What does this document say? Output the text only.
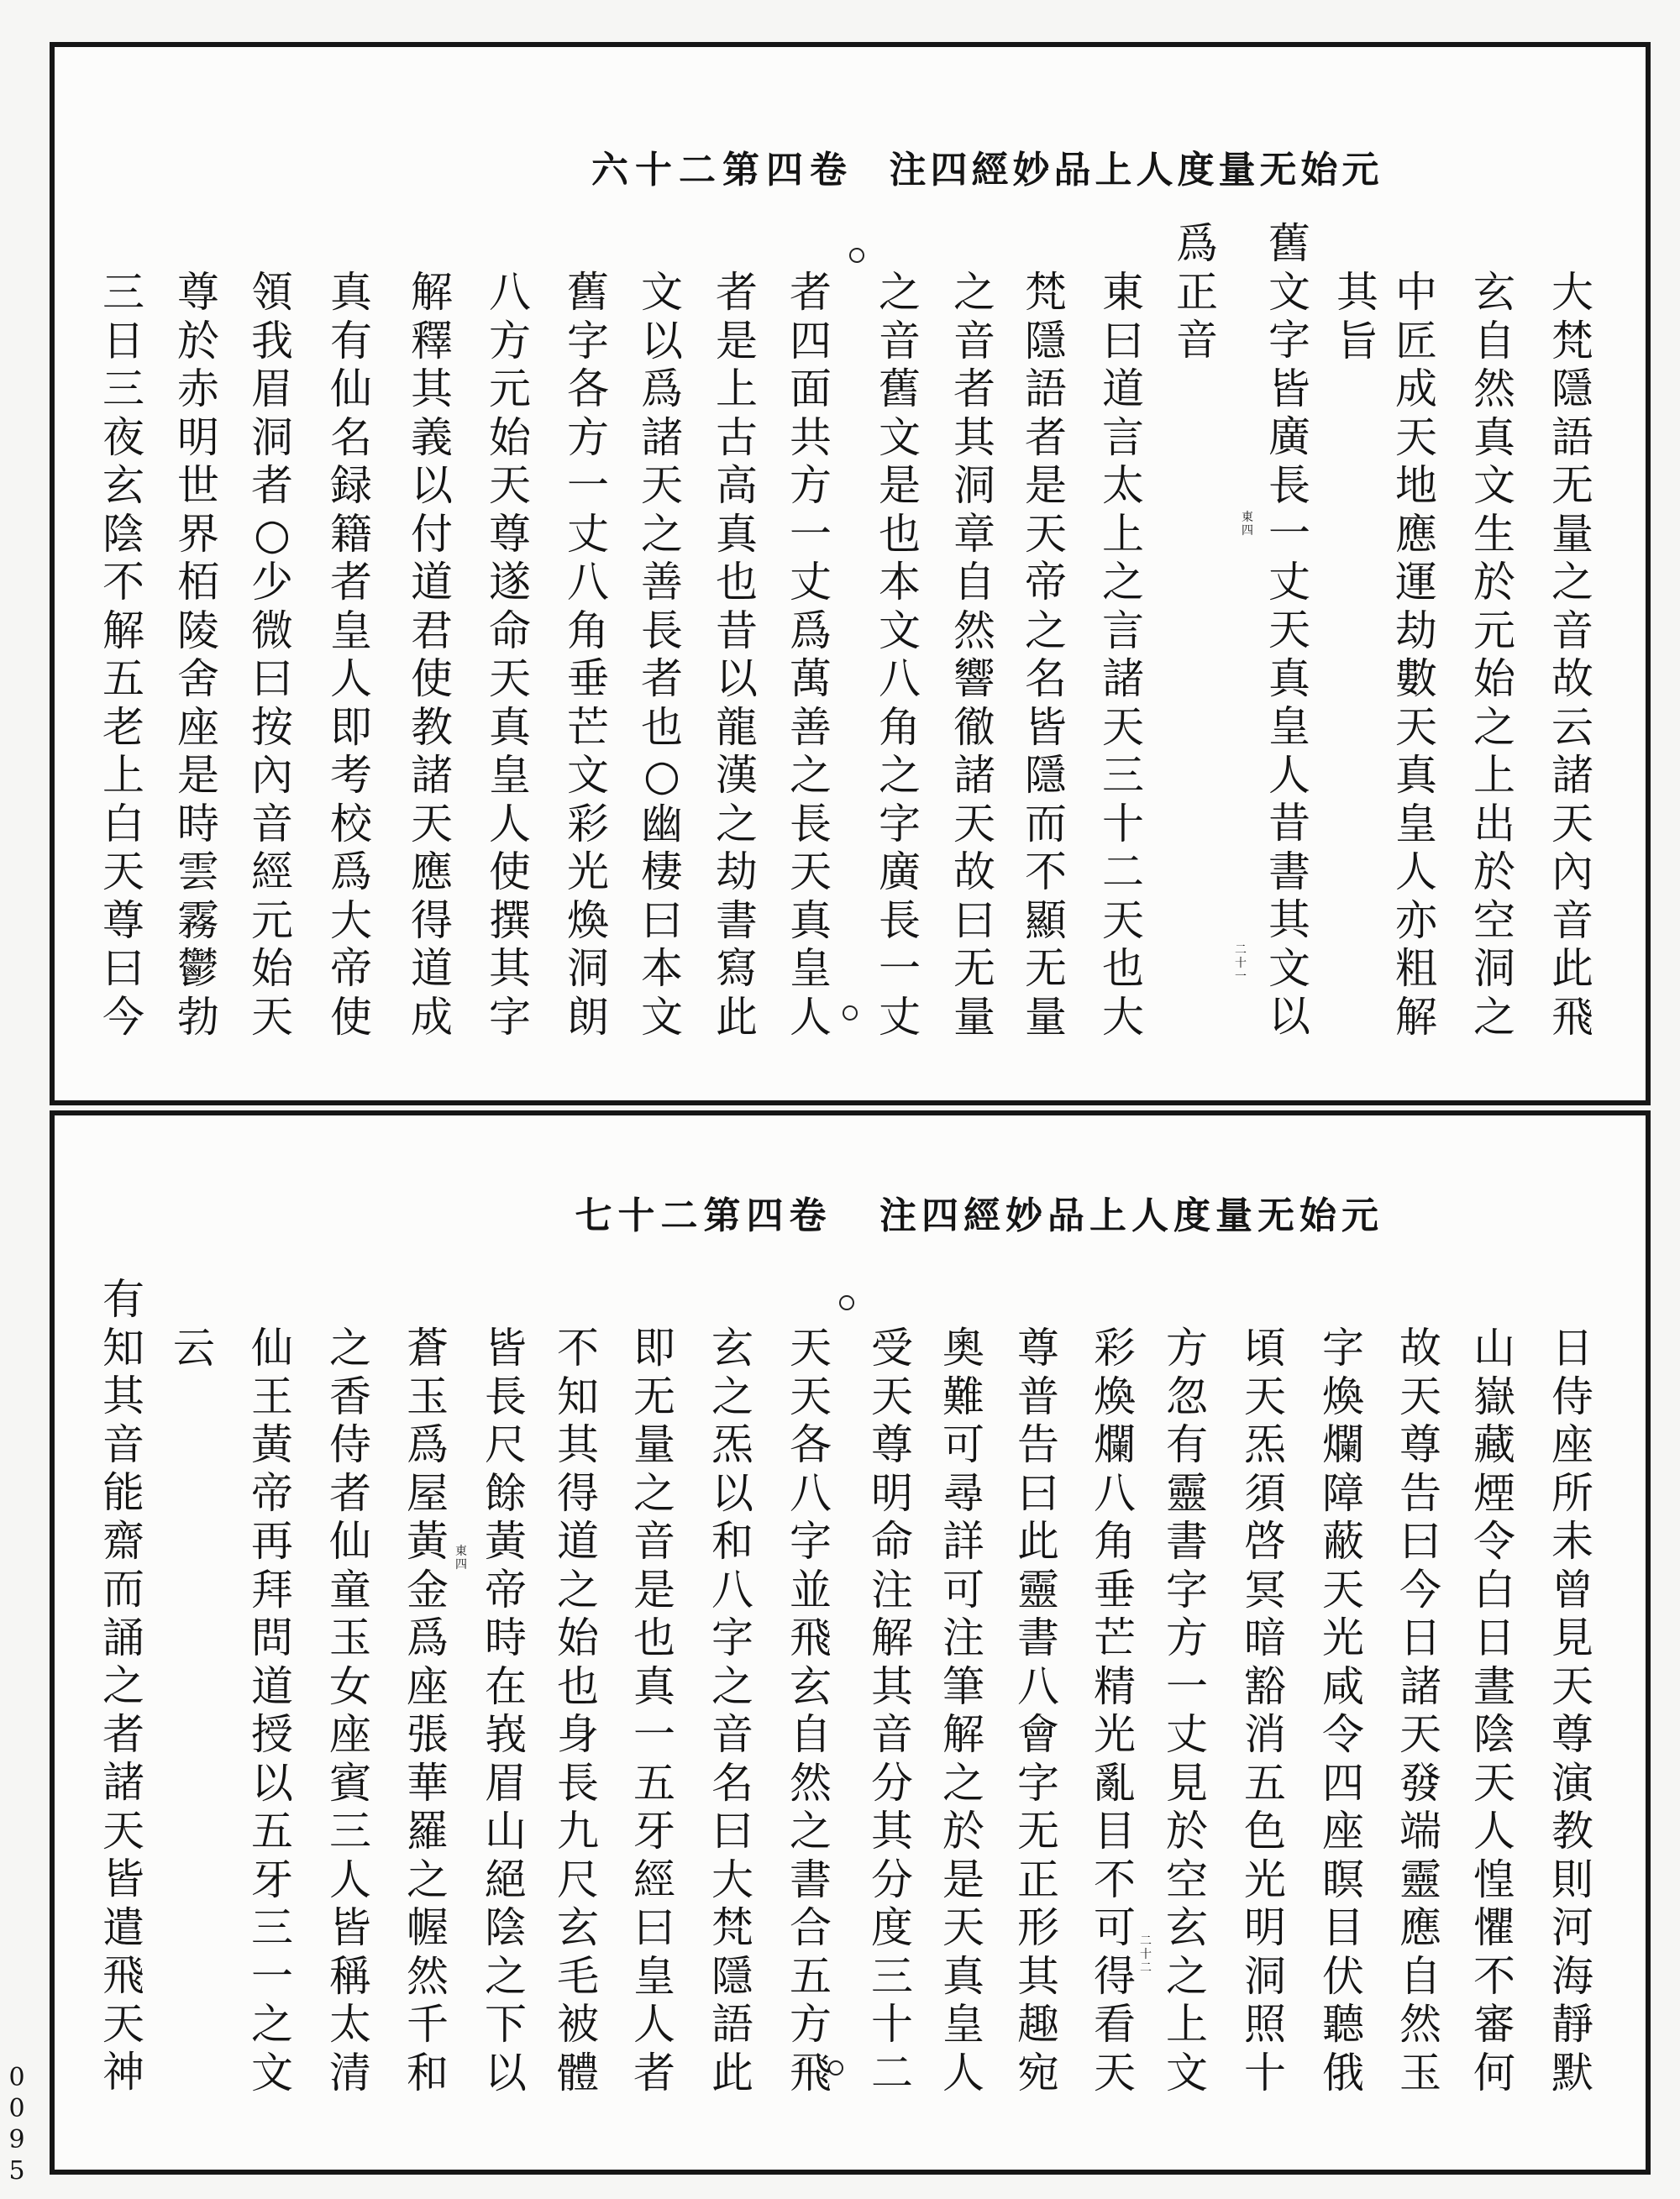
元
始
无
量
度
人
上
品
妙
經
四
注
卷
四
第
二
十
六
大
梵
隱
語
无
量
之
音
故
云
諸
天
內
音
此
飛
玄
自
然
真
文
生
於
元
始
之
上
出
於
空
洞
之
中
匠
成
天
地
應
運
劫
數
天
真
皇
人
亦
粗
解
其
旨
舊
文
字
皆
廣
長
一
丈
天
真
皇
人
昔
書
其
文
以
爲
正
音
東
曰
道
言
太
上
之
言
諸
天
三
十
二
天
也
大
梵
隱
語
者
是
天
帝
之
名
皆
隱
而
不
顯
无
量
之
音
者
其
洞
章
自
然
響
徹
諸
天
故
曰
无
量
之
音
舊
文
是
也
本
文
八
角
之
字
廣
長
一
丈
者
四
面
共
方
一
丈
爲
萬
善
之
長
天
真
皇
人
者
是
上
古
高
真
也
昔
以
龍
漢
之
劫
書
寫
此
文
以
爲
諸
天
之
善
長
者
也
○
幽
棲
曰
本
文
舊
字
各
方
一
丈
八
角
垂
芒
文
彩
光
煥
洞
朗
八
方
元
始
天
尊
遂
命
天
真
皇
人
使
撰
其
字
解
釋
其
義
以
付
道
君
使
教
諸
天
應
得
道
成
真
有
仙
名
録
籍
者
皇
人
即
考
校
爲
大
帝
使
領
我
眉
洞
者
○
少
微
曰
按
內
音
經
元
始
天
尊
於
赤
明
世
界
栢
陵
舍
座
是
時
雲
霧
鬱
勃
三
日
三
夜
玄
陰
不
解
五
老
上
白
天
尊
曰
今
東
四
二
十
一
元
始
无
量
度
人
上
品
妙
經
四
注
卷
四
第
二
十
七
日
侍
座
所
未
曾
見
天
尊
演
教
則
河
海
靜
默
山
嶽
藏
煙
令
白
日
晝
陰
天
人
惶
懼
不
審
何
故
天
尊
告
曰
今
日
諸
天
發
端
靈
應
自
然
玉
字
煥
爛
障
蔽
天
光
咸
令
四
座
瞑
目
伏
聽
俄
頃
天
炁
須
啓
冥
暗
豁
消
五
色
光
明
洞
照
十
方
忽
有
靈
書
字
方
一
丈
見
於
空
玄
之
上
文
彩
煥
爛
八
角
垂
芒
精
光
亂
目
不
可
得
看
天
尊
普
告
曰
此
靈
書
八
會
字
无
正
形
其
趣
宛
奧
難
可
尋
詳
可
注
筆
解
之
於
是
天
真
皇
人
受
天
尊
明
命
注
解
其
音
分
其
分
度
三
十
二
天
天
各
八
字
並
飛
玄
自
然
之
書
合
五
方
飛
玄
之
炁
以
和
八
字
之
音
名
曰
大
梵
隱
語
此
即
无
量
之
音
是
也
真
一
五
牙
經
曰
皇
人
者
不
知
其
得
道
之
始
也
身
長
九
尺
玄
毛
被
體
皆
長
尺
餘
黃
帝
時
在
峩
眉
山
絕
陰
之
下
以
蒼
玉
爲
屋
黃
金
爲
座
張
華
羅
之
幄
然
千
和
之
香
侍
者
仙
童
玉
女
座
賓
三
人
皆
稱
太
清
仙
王
黃
帝
再
拜
問
道
授
以
五
牙
三
一
之
文
云
有
知
其
音
能
齋
而
誦
之
者
諸
天
皆
遣
飛
天
神
東
四
二
十
二
0
0
9
5
